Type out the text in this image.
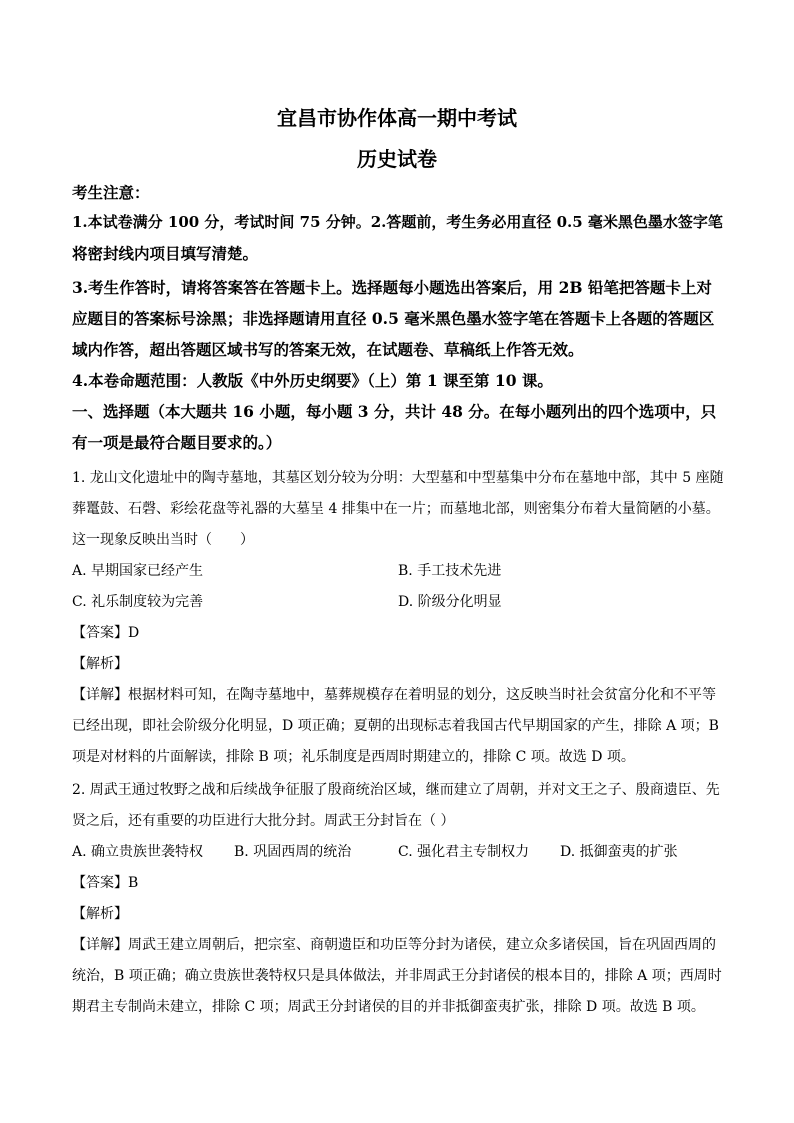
宜昌市协作体高一期中考试
历史试卷
考生注意：
1.本试卷满分 100 分，考试时间 75 分钟。2.答题前，考生务必用直径 0.5 毫米黑色墨水签字笔
将密封线内项目填写清楚。
3.考生作答时，请将答案答在答题卡上。选择题每小题选出答案后，用 2B 铅笔把答题卡上对
应题目的答案标号涂黑；非选择题请用直径 0.5 毫米黑色墨水签字笔在答题卡上各题的答题区
域内作答，超出答题区域书写的答案无效，在试题卷、草稿纸上作答无效。
4.本卷命题范围：人教版《中外历史纲要》（上）第 1 课至第 10 课。
一、选择题（本大题共 16 小题，每小题 3 分，共计 48 分。在每小题列出的四个选项中，只
有一项是最符合题目要求的。）
1. 龙山文化遗址中的陶寺墓地，其墓区划分较为分明：大型墓和中型墓集中分布在墓地中部，其中 5 座随
葬鼍鼓、石磬、彩绘花盘等礼器的大墓呈 4 排集中在一片；而墓地北部，则密集分布着大量简陋的小墓。
这一现象反映出当时（　　）
A. 早期国家已经产生	B. 手工技术先进
C. 礼乐制度较为完善	D. 阶级分化明显
【答案】D
【解析】
【详解】根据材料可知，在陶寺墓地中，墓葬规模存在着明显的划分，这反映当时社会贫富分化和不平等
已经出现，即社会阶级分化明显，D 项正确；夏朝的出现标志着我国古代早期国家的产生，排除 A 项；B
项是对材料的片面解读，排除 B 项；礼乐制度是西周时期建立的，排除 C 项。故选 D 项。
2. 周武王通过牧野之战和后续战争征服了殷商统治区域，继而建立了周朝，并对文王之子、殷商遗臣、先
贤之后，还有重要的功臣进行大批分封。周武王分封旨在（ ）
A. 确立贵族世袭特权 B. 巩固西周的统治	C. 强化君主专制权力 D. 抵御蛮夷的扩张
【答案】B
【解析】
【详解】周武王建立周朝后，把宗室、商朝遗臣和功臣等分封为诸侯，建立众多诸侯国，旨在巩固西周的
统治，B 项正确；确立贵族世袭特权只是具体做法，并非周武王分封诸侯的根本目的，排除 A 项；西周时
期君主专制尚未建立，排除 C 项；周武王分封诸侯的目的并非抵御蛮夷扩张，排除 D 项。故选 B 项。
